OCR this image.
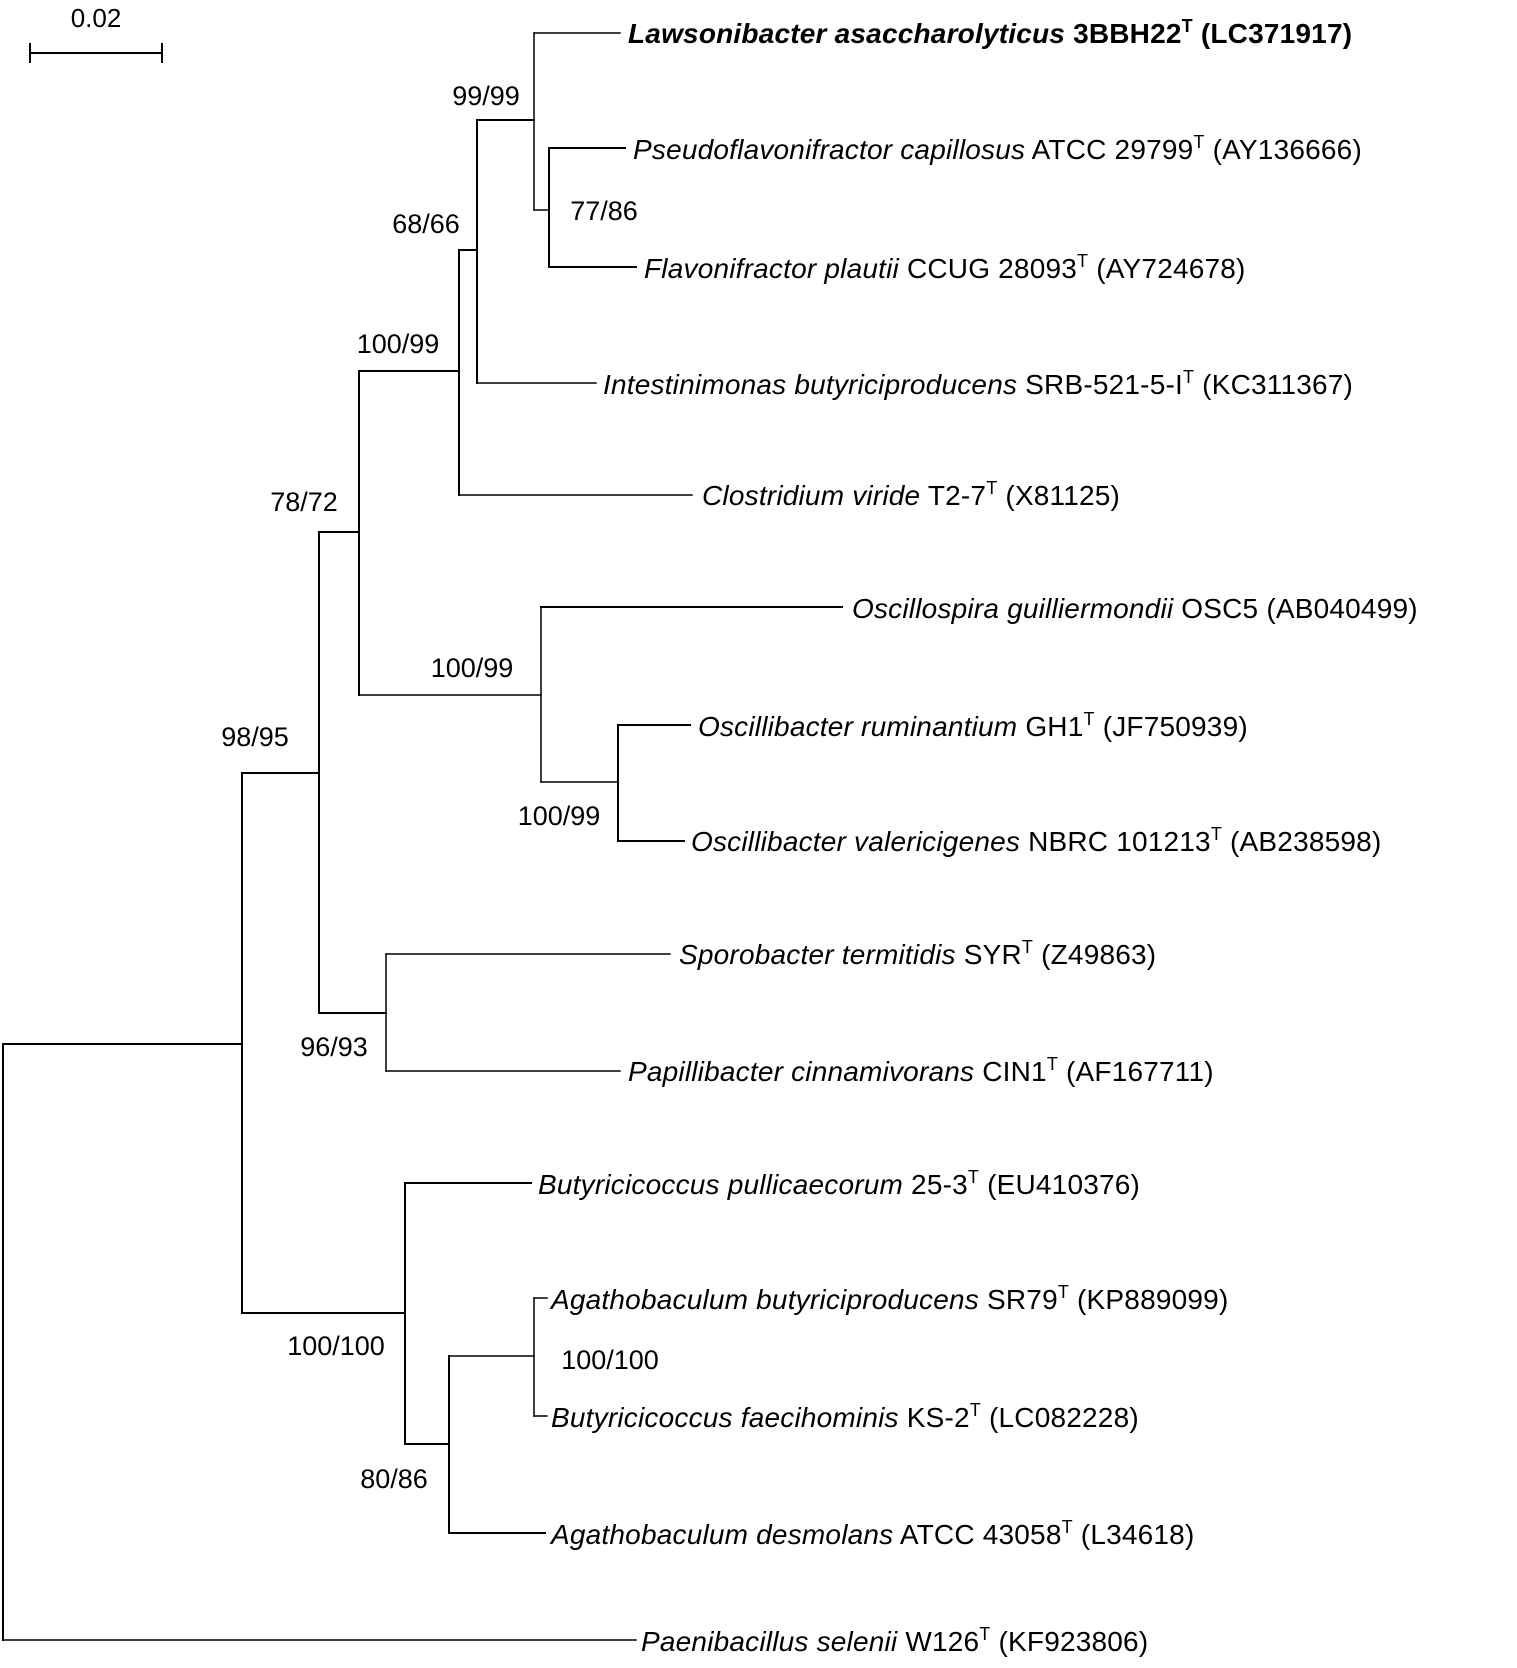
0.02	Lawsonibacter asaccharolyticus $3BBH22^T$ (LC371917)
Pseudoflavonifractor capillosus ATCC $29799^T$ (AY136666)
Flavonifractor plautii CCUG $28093^T$ (AY724678)
Intestinimonas butyriciproducens SRB-$521-5-I^T$ (KC311367)
Clostridium viride $T2-7^T$ (X81125)
Oscillospira guilliermondii OSC5 (AB040499)
Oscillibacter ruminantium $GH1^T$ (JF750939)
Oscillibacter valericigenes NBRC $101213^T$ (AB238598)
Sporobacter termitidis $SYR^T$ (Z49863)
Papillibacter cinnamivorans $CIN1^T$ (AF167711)
Butyricicoccus pullicaecorum $25-3^T$ (EU410376)
Agathobaculum butyriciproducens $SR79^T$ (KP889099)
Butyricicoccus faecihominis $KS-2^T$ (LC082228)
Agathobaculum desmolans ATCC $43058^T$ (L34618)
Paenibacillus selenii $W126^T$ (KF923806)
99/99
77/86
68/66
100/99
78/72
100/99
100/99
98/95
96/93
100/100	100/100
80/86
